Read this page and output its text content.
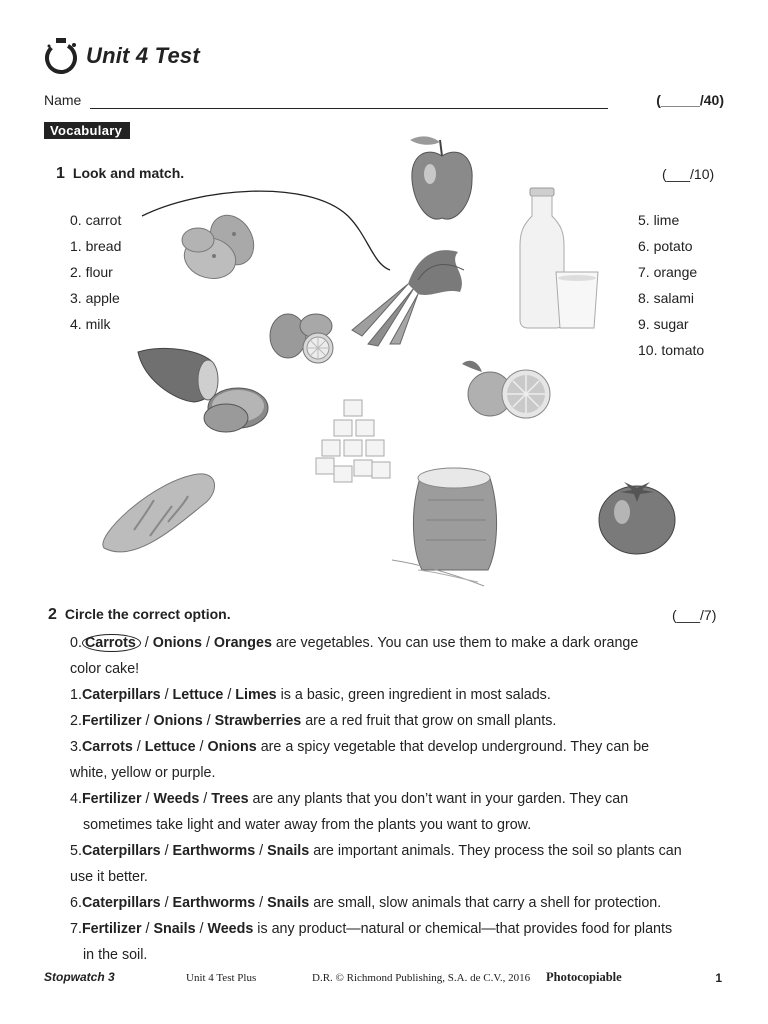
Unit 4 Test
Name	(_____/40)
Vocabulary
1 Look and match.	(___/10)
0. carrot
1. bread
2. flour
3. apple
4. milk
5. lime
6. potato
7. orange
8. salami
9. sugar
10. tomato
2 Circle the correct option.	(___/7)
0. Carrots / Onions / Oranges are vegetables. You can use them to make a dark orange
color cake!
1.Caterpillars / Lettuce / Limes is a basic, green ingredient in most salads.
2.Fertilizer / Onions / Strawberries are a red fruit that grow on small plants.
3.Carrots / Lettuce / Onions are a spicy vegetable that develop underground. They can be
white, yellow or purple.
4.Fertilizer / Weeds / Trees are any plants that you don’t want in your garden. They can
sometimes take light and water away from the plants you want to grow.
5.Caterpillars / Earthworms / Snails are important animals. They process the soil so plants can
use it better.
6.Caterpillars / Earthworms / Snails are small, slow animals that carry a shell for protection.
7.Fertilizer / Snails / Weeds is any product—natural or chemical—that provides food for plants
in the soil.
Stopwatch 3	Unit 4 Test Plus	D.R. © Richmond Publishing, S.A. de C.V., 2016 Photocopiable	1
